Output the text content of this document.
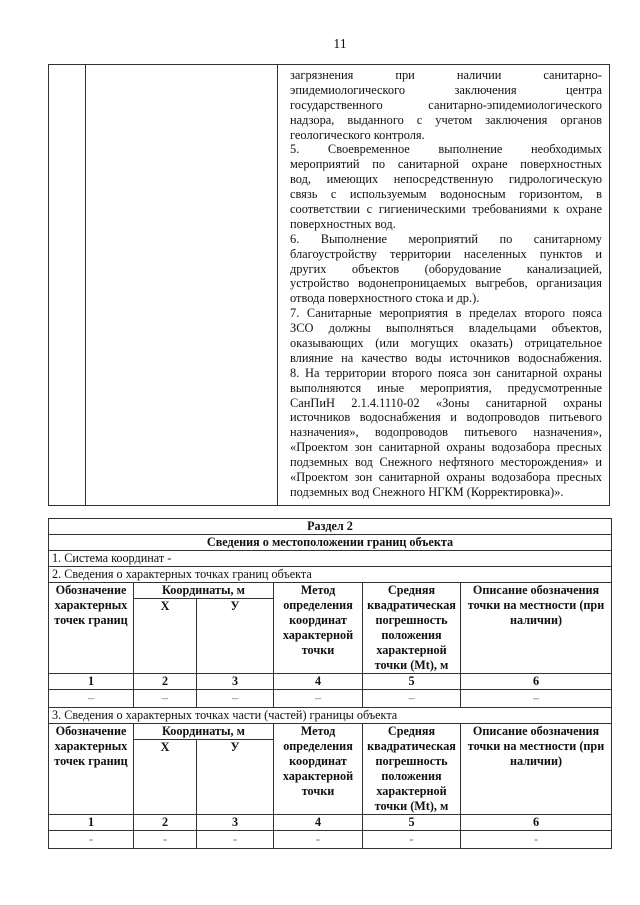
11
загрязнения при наличии санитарно-
эпидемиологического заключения центра
государственного санитарно-эпидемиологического
надзора, выданного с учетом заключения органов
геологического контроля.
5. Своевременное выполнение необходимых
мероприятий по санитарной охране поверхностных
вод, имеющих непосредственную гидрологическую
связь с используемым водоносным горизонтом, в
соответствии с гигиеническими требованиями к охране
поверхностных вод.
6. Выполнение мероприятий по санитарному
благоустройству территории населенных пунктов и
других объектов (оборудование канализацией,
устройство водонепроницаемых выгребов, организация
отвода поверхностного стока и др.).
7. Санитарные мероприятия в пределах второго пояса
ЗСО должны выполняться владельцами объектов,
оказывающих (или могущих оказать) отрицательное
влияние на качество воды источников водоснабжения.
8. На территории второго пояса зон санитарной охраны
выполняются иные мероприятия, предусмотренные
СанПиН 2.1.4.1110-02 «Зоны санитарной охраны
источников водоснабжения и водопроводов питьевого
назначения», водопроводов питьевого назначения»,
«Проектом зон санитарной охраны водозабора пресных
подземных вод Снежного нефтяного месторождения» и
«Проектом зон санитарной охраны водозабора пресных
подземных вод Снежного НГКМ (Корректировка)».
Раздел 2					
Сведения о местоположении границ объекта					
1. Система координат -					
2. Сведения о характерных точках границ объекта					
Обозначение характерных точек границ	Координаты, м		Метод определения координат характерной точки	Средняя квадратическая погрешность положения характерной точки (Mt), м	Описание обозначения точки на местности (при наличии)
	Х	У			
1	2	3	4	5	6
–	–	–	–	–	–
3. Сведения о характерных точках части (частей) границы объекта					
Обозначение характерных точек границ	Координаты, м		Метод определения координат характерной точки	Средняя квадратическая погрешность положения характерной точки (Mt), м	Описание обозначения точки на местности (при наличии)
	Х	У			
1	2	3	4	5	6
-	-	-	-	-	-
